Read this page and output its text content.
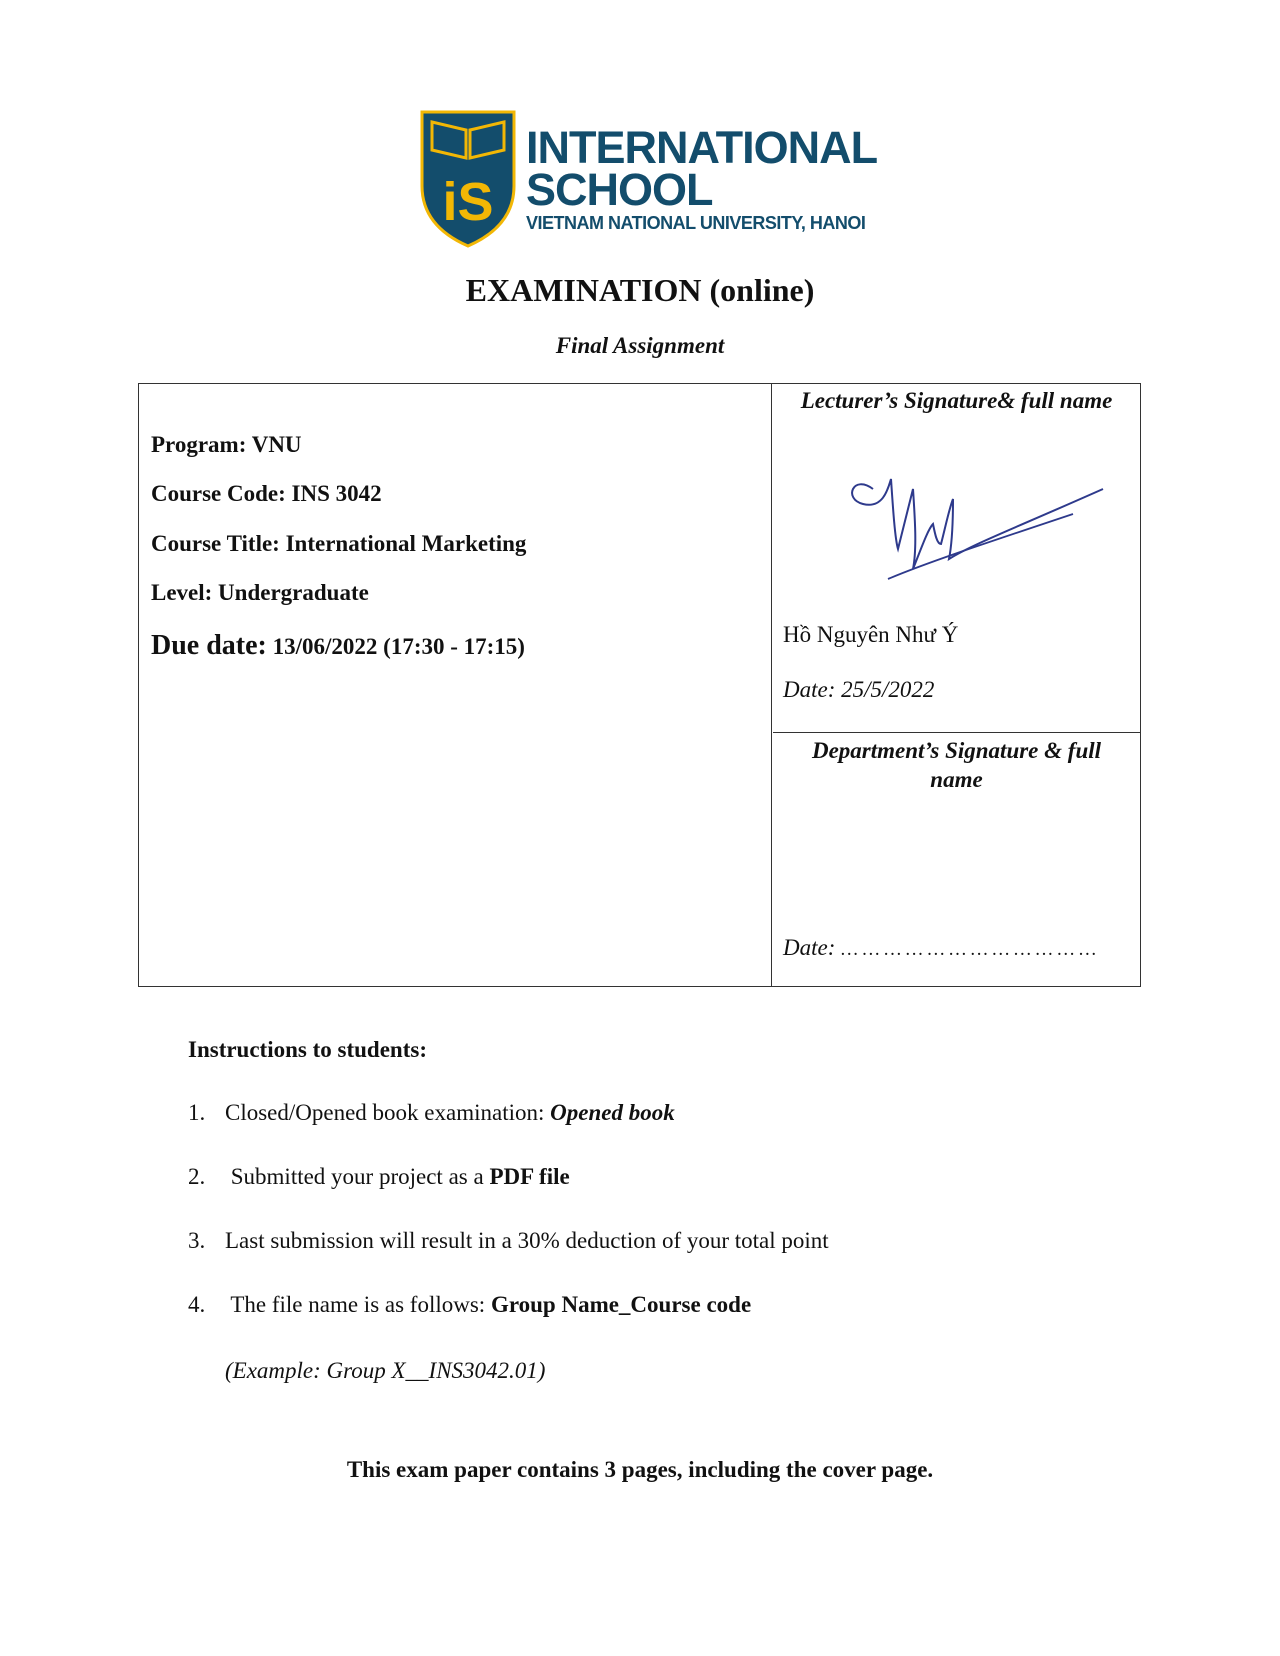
iS
INTERNATIONAL
SCHOOL
VIETNAM NATIONAL UNIVERSITY, HANOI
EXAMINATION (online)
Final Assignment
Program: VNU
Course Code: INS 3042
Course Title: International Marketing
Level: Undergraduate
Due date: 13/06/2022 (17:30 - 17:15)
Lecturer’s Signature& full name
Hồ Nguyên Như Ý
Date: 25/5/2022
Department’s Signature & full name
Date: … … … … … … … … … … … …
Instructions to students:
1. Closed/Opened book examination: Opened book
2. Submitted your project as a PDF file
3. Last submission will result in a 30% deduction of your total point
4. The file name is as follows: Group Name_Course code
(Example: Group X__INS3042.01)
This exam paper contains 3 pages, including the cover page.
